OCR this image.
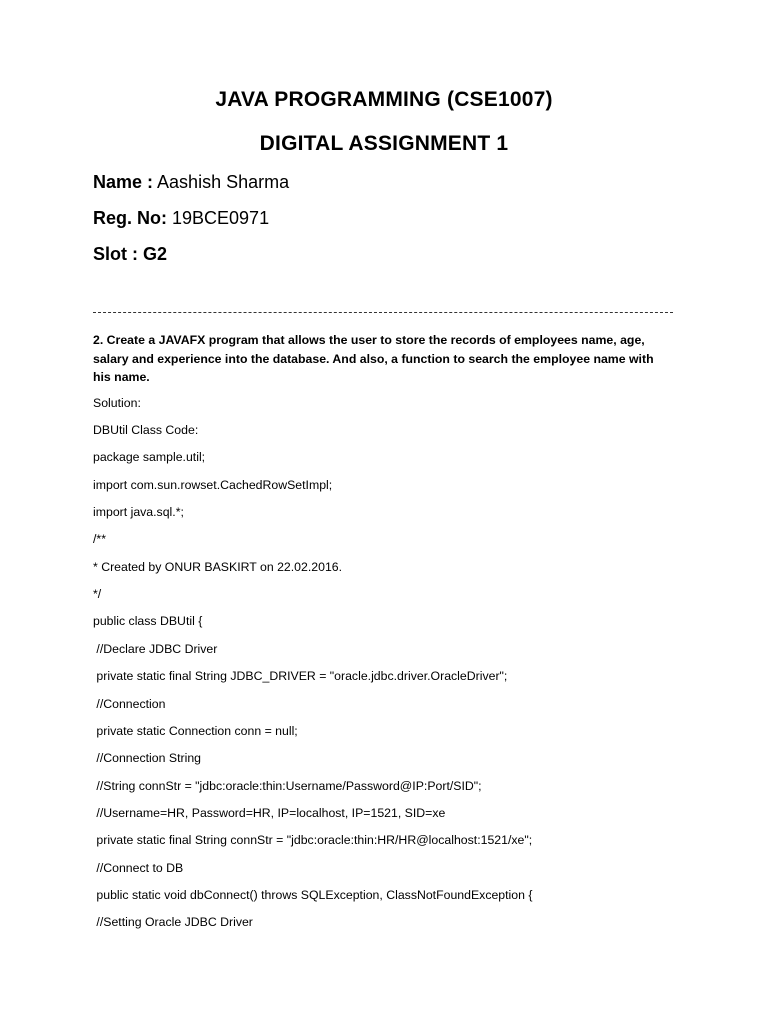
JAVA PROGRAMMING (CSE1007)
DIGITAL ASSIGNMENT 1
Name : Aashish Sharma
Reg. No: 19BCE0971
Slot : G2
2. Create a JAVAFX program that allows the user to store the records of employees name, age, salary and experience into the database. And also, a function to search the employee name with his name.
Solution:
DBUtil Class Code:
package sample.util;
import com.sun.rowset.CachedRowSetImpl;
import java.sql.*;
/**
* Created by ONUR BASKIRT on 22.02.2016.
*/
public class DBUtil {
//Declare JDBC Driver
private static final String JDBC_DRIVER = "oracle.jdbc.driver.OracleDriver";
//Connection
private static Connection conn = null;
//Connection String
//String connStr = "jdbc:oracle:thin:Username/Password@IP:Port/SID";
//Username=HR, Password=HR, IP=localhost, IP=1521, SID=xe
private static final String connStr = "jdbc:oracle:thin:HR/HR@localhost:1521/xe";
//Connect to DB
public static void dbConnect() throws SQLException, ClassNotFoundException {
//Setting Oracle JDBC Driver
